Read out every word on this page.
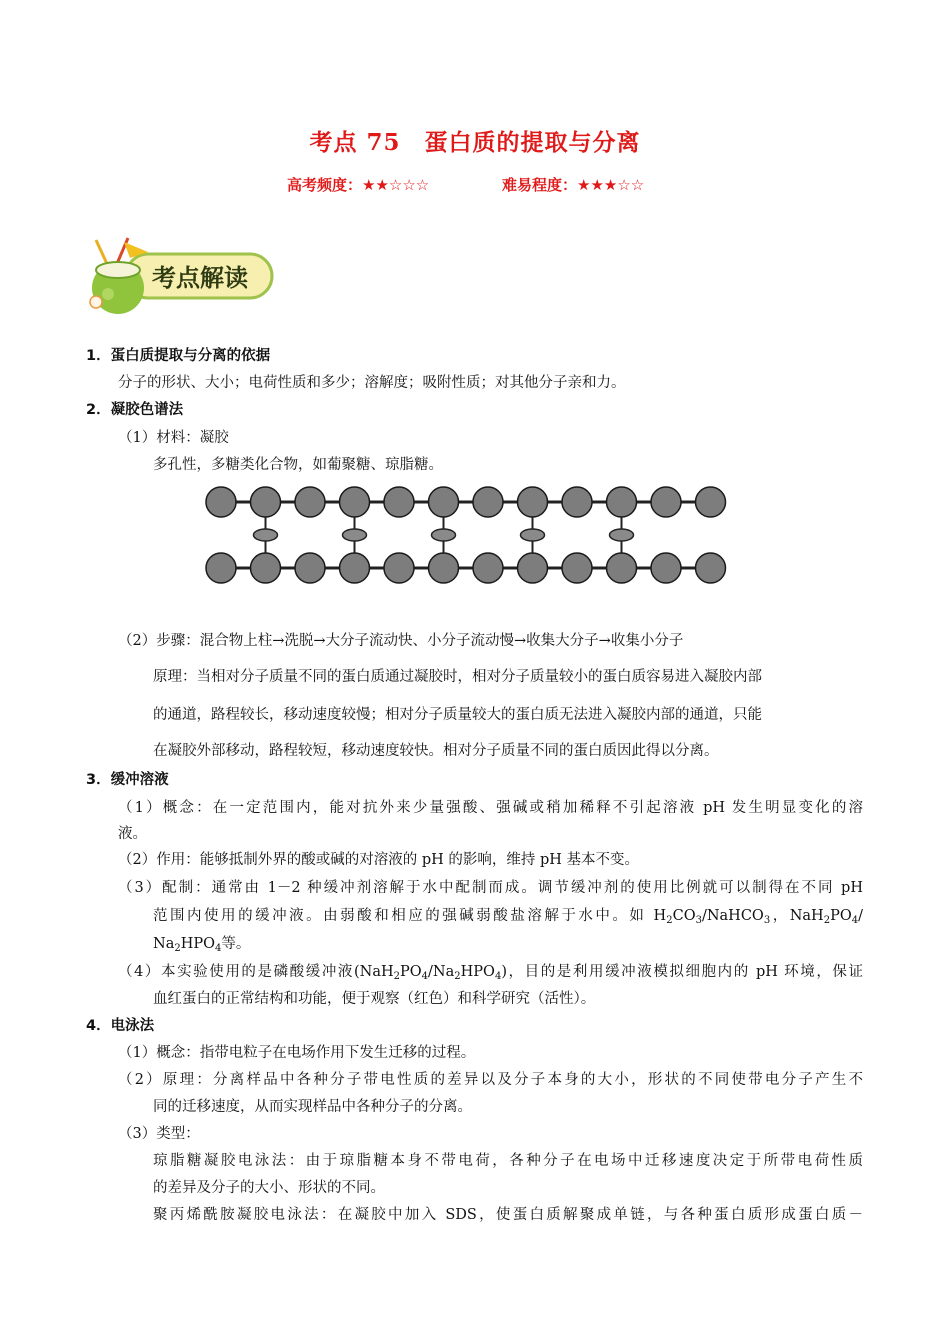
考点 75　蛋白质的提取与分离
高考频度：★★☆☆☆	难易程度：★★★☆☆
考点解读
1．蛋白质提取与分离的依据
分子的形状、大小；电荷性质和多少；溶解度；吸附性质；对其他分子亲和力。
2．凝胶色谱法
（1）材料：凝胶
多孔性，多糖类化合物，如葡聚糖、琼脂糖。
（2）步骤：混合物上柱→洗脱→大分子流动快、小分子流动慢→收集大分子→收集小分子
原理：当相对分子质量不同的蛋白质通过凝胶时，相对分子质量较小的蛋白质容易进入凝胶内部
的通道，路程较长，移动速度较慢；相对分子质量较大的蛋白质无法进入凝胶内部的通道，只能
在凝胶外部移动，路程较短，移动速度较快。相对分子质量不同的蛋白质因此得以分离。
3．缓冲溶液
（1）概念：在一定范围内，能对抗外来少量强酸、强碱或稍加稀释不引起溶液 pH 发生明显变化的溶
液。
（2）作用：能够抵制外界的酸或碱的对溶液的 pH 的影响，维持 pH 基本不变。
（3）配制：通常由 1－2 种缓冲剂溶解于水中配制而成。调节缓冲剂的使用比例就可以制得在不同 pH
范围内使用的缓冲液。由弱酸和相应的强碱弱酸盐溶解于水中。如 $H_2CO_3/NaHCO_3$，$NaH_2PO_4/$
$Na_2HPO_4$等。
（4）本实验使用的是磷酸缓冲液$(NaH_2PO_4/Na_2HPO_4)$，目的是利用缓冲液模拟细胞内的 pH 环境，保证
血红蛋白的正常结构和功能，便于观察（红色）和科学研究（活性）。
4．电泳法
（1）概念：指带电粒子在电场作用下发生迁移的过程。
（2）原理：分离样品中各种分子带电性质的差异以及分子本身的大小，形状的不同使带电分子产生不
同的迁移速度，从而实现样品中各种分子的分离。
（3）类型：
琼脂糖凝胶电泳法：由于琼脂糖本身不带电荷，各种分子在电场中迁移速度决定于所带电荷性质
的差异及分子的大小、形状的不同。
聚丙烯酰胺凝胶电泳法：在凝胶中加入 SDS，使蛋白质解聚成单链，与各种蛋白质形成蛋白质－
